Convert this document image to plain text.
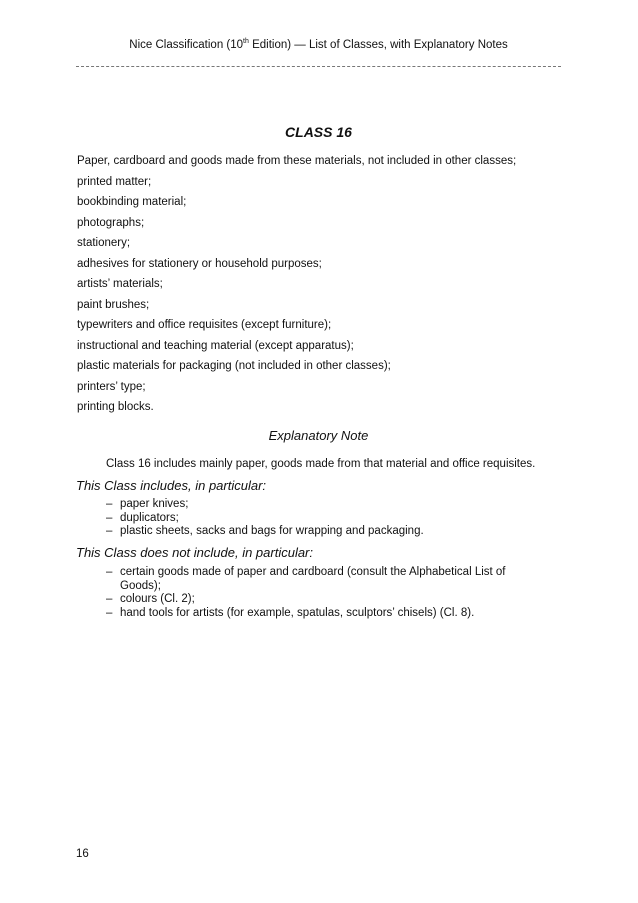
Nice Classification (10th Edition) — List of Classes, with Explanatory Notes
CLASS 16
Paper, cardboard and goods made from these materials, not included in other classes;
printed matter;
bookbinding material;
photographs;
stationery;
adhesives for stationery or household purposes;
artists’ materials;
paint brushes;
typewriters and office requisites (except furniture);
instructional and teaching material (except apparatus);
plastic materials for packaging (not included in other classes);
printers’ type;
printing blocks.
Explanatory Note
Class 16 includes mainly paper, goods made from that material and office requisites.
This Class includes, in particular:
– paper knives;
– duplicators;
– plastic sheets, sacks and bags for wrapping and packaging.
This Class does not include, in particular:
– certain goods made of paper and cardboard (consult the Alphabetical List of Goods);
– colours (Cl. 2);
– hand tools for artists (for example, spatulas, sculptors’ chisels) (Cl. 8).
16
